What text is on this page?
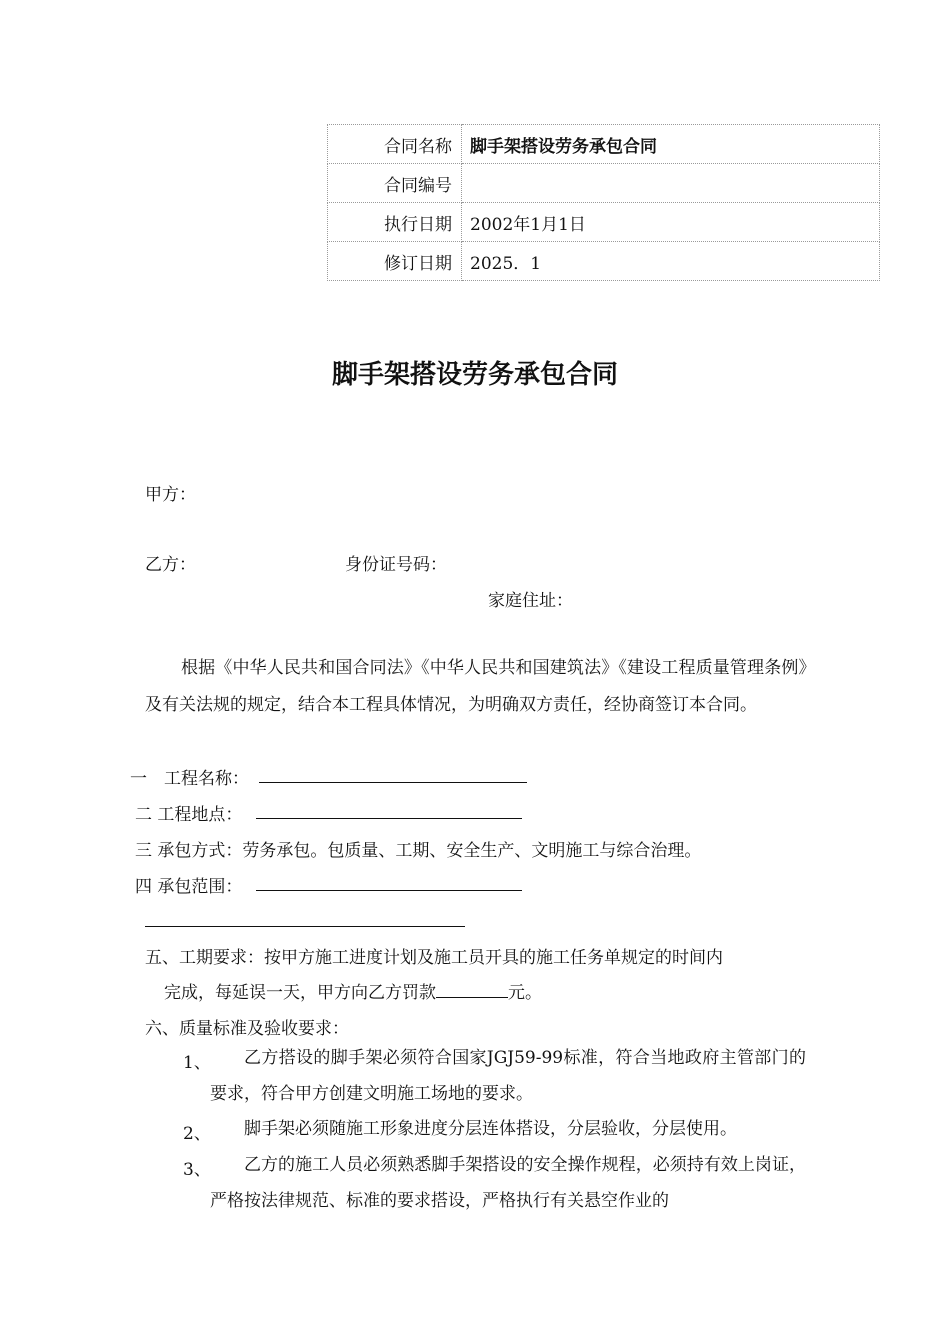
合同名称	脚手架搭设劳务承包合同
合同编号	
执行日期	2002年1月1日
修订日期	2025．1
脚手架搭设劳务承包合同
甲方：
乙方：	身份证号码：
家庭住址：
根据《中华人民共和国合同法》《中华人民共和国建筑法》《建设工程质量管理条例》及有关法规的规定，结合本工程具体情况，为明确双方责任，经协商签订本合同。
一　工程名称：
二 工程地点：
三 承包方式：劳务承包。包质量、工期、安全生产、文明施工与综合治理。
四 承包范围：
五、工期要求：按甲方施工进度计划及施工员开具的施工任务单规定的时间内
完成，每延误一天，甲方向乙方罚款	元。
六、质量标准及验收要求：
1、	乙方搭设的脚手架必须符合国家JGJ59-99标准，符合当地政府主管部门的要求，符合甲方创建文明施工场地的要求。
2、	脚手架必须随施工形象进度分层连体搭设，分层验收，分层使用。
3、	乙方的施工人员必须熟悉脚手架搭设的安全操作规程，必须持有效上岗证，严格按法律规范、标准的要求搭设，严格执行有关悬空作业的
